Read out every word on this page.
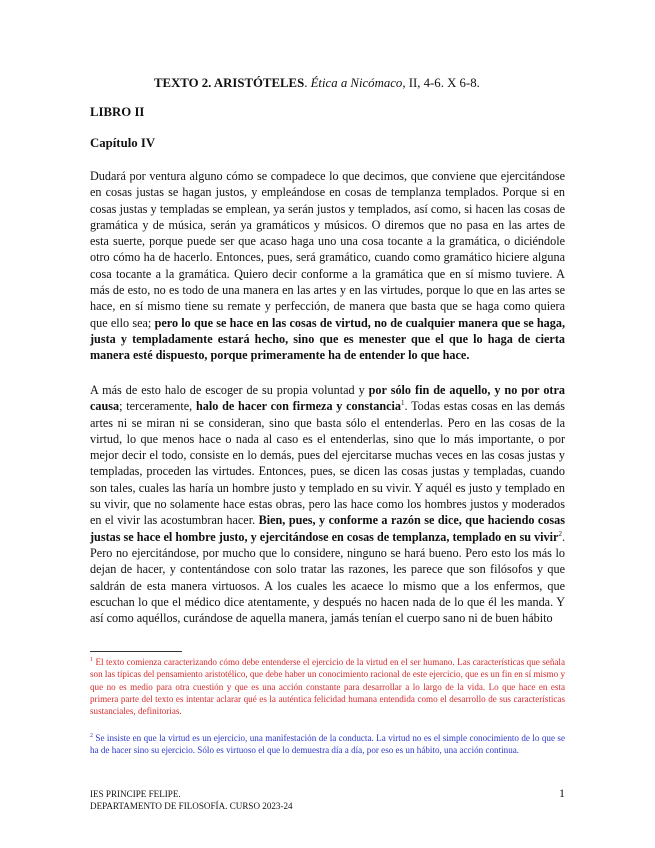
TEXTO 2. ARISTÓTELES. Ética a Nicómaco, II, 4-6. X 6-8.
LIBRO II
Capítulo IV
Dudará por ventura alguno cómo se compadece lo que decimos, que conviene que ejercitándose en cosas justas se hagan justos, y empleándose en cosas de templanza templados. Porque si en cosas justas y templadas se emplean, ya serán justos y templados, así como, si hacen las cosas de gramática y de música, serán ya gramáticos y músicos. O diremos que no pasa en las artes de esta suerte, porque puede ser que acaso haga uno una cosa tocante a la gramática, o diciéndole otro cómo ha de hacerlo. Entonces, pues, será gramático, cuando como gramático hiciere alguna cosa tocante a la gramática. Quiero decir conforme a la gramática que en sí mismo tuviere. A más de esto, no es todo de una manera en las artes y en las virtudes, porque lo que en las artes se hace, en sí mismo tiene su remate y perfección, de manera que basta que se haga como quiera que ello sea; pero lo que se hace en las cosas de virtud, no de cualquier manera que se haga, justa y templadamente estará hecho, sino que es menester que el que lo haga de cierta manera esté dispuesto, porque primeramente ha de entender lo que hace.
A más de esto halo de escoger de su propia voluntad y por sólo fin de aquello, y no por otra causa; terceramente, halo de hacer con firmeza y constancia$^1$. Todas estas cosas en las demás artes ni se miran ni se consideran, sino que basta sólo el entenderlas. Pero en las cosas de la virtud, lo que menos hace o nada al caso es el entenderlas, sino que lo más importante, o por mejor decir el todo, consiste en lo demás, pues del ejercitarse muchas veces en las cosas justas y templadas, proceden las virtudes. Entonces, pues, se dicen las cosas justas y templadas, cuando son tales, cuales las haría un hombre justo y templado en su vivir. Y aquél es justo y templado en su vivir, que no solamente hace estas obras, pero las hace como los hombres justos y moderados en el vivir las acostumbran hacer. Bien, pues, y conforme a razón se dice, que haciendo cosas justas se hace el hombre justo, y ejercitándose en cosas de templanza, templado en su vivir$^2$. Pero no ejercitándose, por mucho que lo considere, ninguno se hará bueno. Pero esto los más lo dejan de hacer, y contentándose con solo tratar las razones, les parece que son filósofos y que saldrán de esta manera virtuosos. A los cuales les acaece lo mismo que a los enfermos, que escuchan lo que el médico dice atentamente, y después no hacen nada de lo que él les manda. Y así como aquéllos, curándose de aquella manera, jamás tenían el cuerpo sano ni de buen hábito
$^1$ El texto comienza caracterizando cómo debe entenderse el ejercicio de la virtud en el ser humano. Las características que señala son las típicas del pensamiento aristotélico, que debe haber un conocimiento racional de este ejercicio, que es un fin en sí mismo y que no es medio para otra cuestión y que es una acción constante para desarrollar a lo largo de la vida. Lo que hace en esta primera parte del texto es intentar aclarar qué es la auténtica felicidad humana entendida como el desarrollo de sus características sustanciales, definitorias.
$^2$ Se insiste en que la virtud es un ejercicio, una manifestación de la conducta. La virtud no es el simple conocimiento de lo que se ha de hacer sino su ejercicio. Sólo es virtuoso el que lo demuestra día a día, por eso es un hábito, una acción continua.
IES PRINCIPE FELIPE.
DEPARTAMENTO DE FILOSOFÍA. CURSO 2023-24
1
